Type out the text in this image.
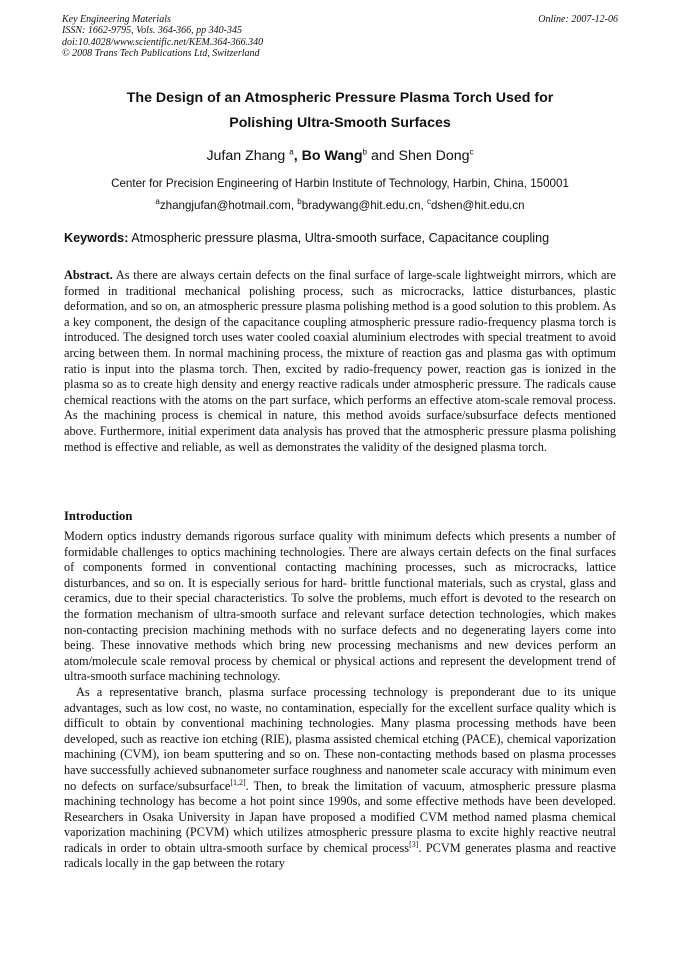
Key Engineering Materials
ISSN: 1662-9795, Vols. 364-366, pp 340-345
doi:10.4028/www.scientific.net/KEM.364-366.340
© 2008 Trans Tech Publications Ltd, Switzerland
Online: 2007-12-06
The Design of an Atmospheric Pressure Plasma Torch Used for
Polishing Ultra-Smooth Surfaces
Jufan Zhang $^a$, Bo Wang$^b$ and Shen Dong$^c$
Center for Precision Engineering of Harbin Institute of Technology, Harbin, China, 150001
$^a$zhangjufan@hotmail.com, $^b$bradywang@hit.edu.cn, $^c$dshen@hit.edu.cn
Keywords: Atmospheric pressure plasma, Ultra-smooth surface, Capacitance coupling

Abstract. As there are always certain defects on the final surface of large-scale lightweight mirrors, which are formed in traditional mechanical polishing process, such as microcracks, lattice disturbances, plastic deformation, and so on, an atmospheric pressure plasma polishing method is a good solution to this problem. As a key component, the design of the capacitance coupling atmospheric pressure radio-frequency plasma torch is introduced. The designed torch uses water cooled coaxial aluminium electrodes with special treatment to avoid arcing between them. In normal machining process, the mixture of reaction gas and plasma gas with optimum ratio is input into the plasma torch. Then, excited by radio-frequency power, reaction gas is ionized in the plasma so as to create high density and energy reactive radicals under atmospheric pressure. The radicals cause chemical reactions with the atoms on the part surface, which performs an effective atom-scale removal process. As the machining process is chemical in nature, this method avoids surface/subsurface defects mentioned above. Furthermore, initial experiment data analysis has proved that the atmospheric pressure plasma polishing method is effective and reliable, as well as demonstrates the validity of the designed plasma torch.

Introduction

Modern optics industry demands rigorous surface quality with minimum defects which presents a number of formidable challenges to optics machining technologies. There are always certain defects on the final surfaces of components formed in conventional contacting machining processes, such as microcracks, lattice disturbances, and so on. It is especially serious for hard- brittle functional materials, such as crystal, glass and ceramics, due to their special characteristics. To solve the problems, much effort is devoted to the research on the formation mechanism of ultra-smooth surface and relevant surface detection technologies, which makes non-contacting precision machining methods with no surface defects and no degenerating layers come into being. These innovative methods which bring new processing mechanisms and new devices perform an atom/molecule scale removal process by chemical or physical actions and represent the development trend of ultra-smooth surface machining technology.

As a representative branch, plasma surface processing technology is preponderant due to its unique advantages, such as low cost, no waste, no contamination, especially for the excellent surface quality which is difficult to obtain by conventional machining technologies. Many plasma processing methods have been developed, such as reactive ion etching (RIE), plasma assisted chemical etching (PACE), chemical vaporization machining (CVM), ion beam sputtering and so on. These non-contacting methods based on plasma processes have successfully achieved subnanometer surface roughness and nanometer scale accuracy with minimum even no defects on surface/subsurface[1,2]. Then, to break the limitation of vacuum, atmospheric pressure plasma machining technology has become a hot point since 1990s, and some effective methods have been developed. Researchers in Osaka University in Japan have proposed a modified CVM method named plasma chemical vaporization machining (PCVM) which utilizes atmospheric pressure plasma to excite highly reactive neutral radicals in order to obtain ultra-smooth surface by chemical process[3]. PCVM generates plasma and reactive radicals locally in the gap between the rotary
